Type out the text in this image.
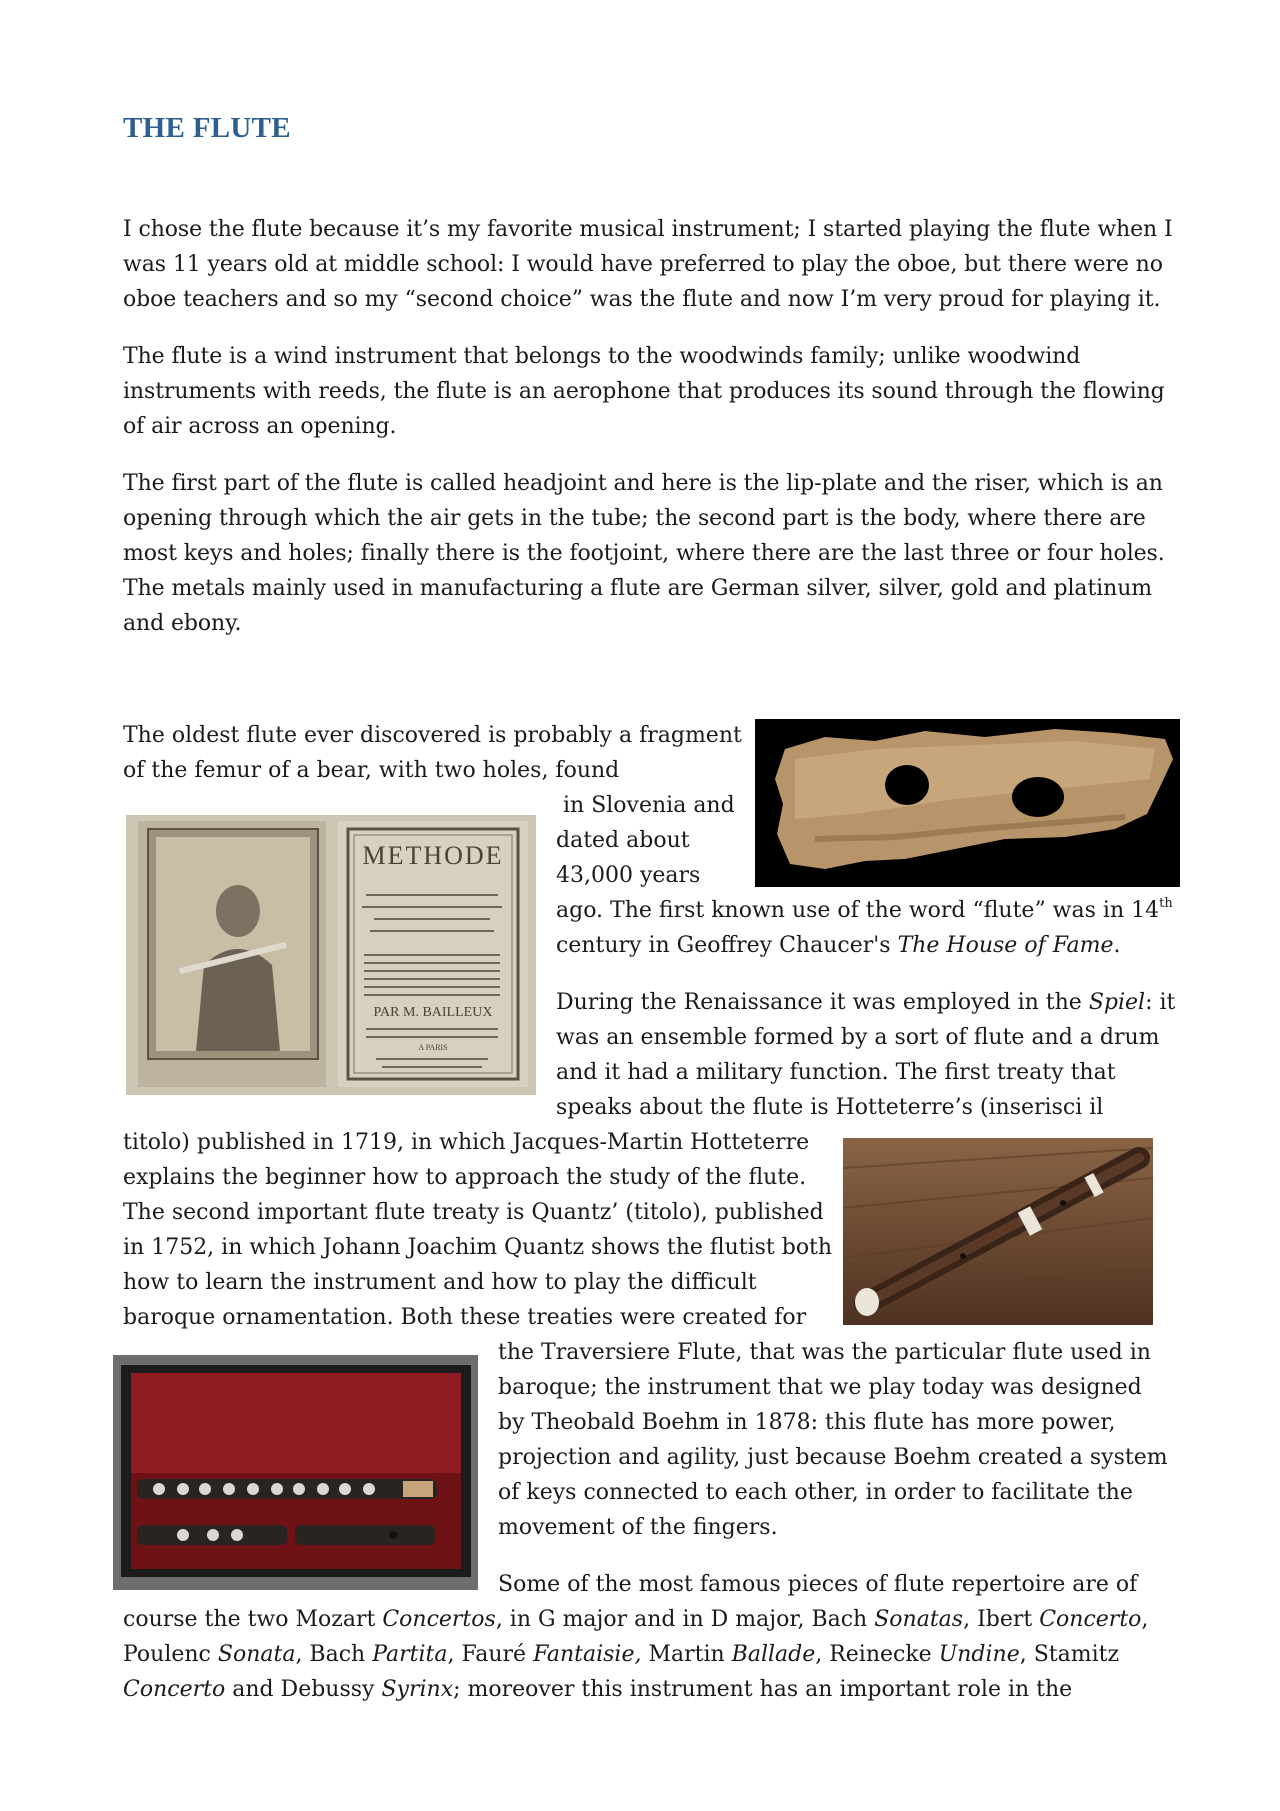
THE FLUTE

I chose the flute because it’s my favorite musical instrument; I started playing the flute when I
was 11 years old at middle school: I would have preferred to play the oboe, but there were no
oboe teachers and so my “second choice” was the flute and now I’m very proud for playing it.

The flute is a wind instrument that belongs to the woodwinds family; unlike woodwind
instruments with reeds, the flute is an aerophone that produces its sound through the flowing
of air across an opening.

The first part of the flute is called headjoint and here is the lip-plate and the riser, which is an
opening through which the air gets in the tube; the second part is the body, where there are
most keys and holes; finally there is the footjoint, where there are the last three or four holes.
The metals mainly used in manufacturing a flute are German silver, silver, gold and platinum
and ebony.

The oldest flute ever discovered is probably a fragment

of the femur of a bear, with two holes, found

in Slovenia and

dated about

43,000 years

ago. The first known use of the word “flute” was in 14th

century in Geoffrey Chaucer's The House of Fame.

During the Renaissance it was employed in the Spiel: it

was an ensemble formed by a sort of flute and a drum

and it had a military function. The first treaty that

speaks about the flute is Hotteterre’s (inserisci il

titolo) published in 1719, in which Jacques-Martin Hotteterre

explains the beginner how to approach the study of the flute.

The second important flute treaty is Quantz’ (titolo), published

in 1752, in which Johann Joachim Quantz shows the flutist both

how to learn the instrument and how to play the difficult

baroque ornamentation. Both these treaties were created for

the Traversiere Flute, that was the particular flute used in

baroque; the instrument that we play today was designed

by Theobald Boehm in 1878: this flute has more power,

projection and agility, just because Boehm created a system

of keys connected to each other, in order to facilitate the

movement of the fingers.

Some of the most famous pieces of flute repertoire are of

course the two Mozart Concertos, in G major and in D major, Bach Sonatas, Ibert Concerto,

Poulenc Sonata, Bach Partita, Fauré Fantaisie, Martin Ballade, Reinecke Undine, Stamitz

Concerto and Debussy Syrinx; moreover this instrument has an important role in the

METHODE
PAR M. BAILLEUX
A PARIS
